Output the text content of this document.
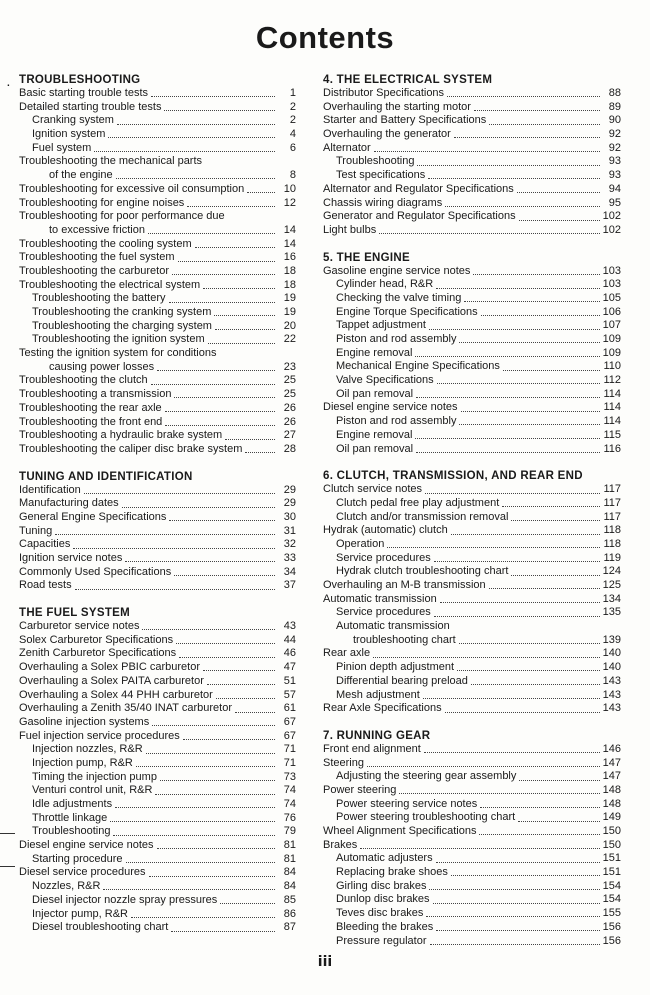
Contents
. TROUBLESHOOTING
Basic starting trouble tests	1
Detailed starting trouble tests	2
Cranking system	2
Ignition system	4
Fuel system	6
Troubleshooting the mechanical parts
of the engine	8
Troubleshooting for excessive oil consumption	10
Troubleshooting for engine noises	12
Troubleshooting for poor performance due
to excessive friction	14
Troubleshooting the cooling system	14
Troubleshooting the fuel system	16
Troubleshooting the carburetor	18
Troubleshooting the electrical system	18
Troubleshooting the battery	19
Troubleshooting the cranking system	19
Troubleshooting the charging system	20
Troubleshooting the ignition system	22
Testing the ignition system for conditions
causing power losses	23
Troubleshooting the clutch	25
Troubleshooting a transmission	25
Troubleshooting the rear axle	26
Troubleshooting the front end	26
Troubleshooting a hydraulic brake system	27
Troubleshooting the caliper disc brake system	28
TUNING AND IDENTIFICATION
Identification	29
Manufacturing dates	29
General Engine Specifications	30
Tuning	31
Capacities	32
Ignition service notes	33
Commonly Used Specifications	34
Road tests	37
THE FUEL SYSTEM
Carburetor service notes	43
Solex Carburetor Specifications	44
Zenith Carburetor Specifications	46
Overhauling a Solex PBIC carburetor	47
Overhauling a Solex PAITA carburetor	51
Overhauling a Solex 44 PHH carburetor	57
Overhauling a Zenith 35/40 INAT carburetor	61
Gasoline injection systems	67
Fuel injection service procedures	67
Injection nozzles, R&R	71
Injection pump, R&R	71
Timing the injection pump	73
Venturi control unit, R&R	74
Idle adjustments	74
Throttle linkage	76
Troubleshooting	79
Diesel engine service notes	81
Starting procedure	81
Diesel service procedures	84
Nozzles, R&R	84
Diesel injector nozzle spray pressures	85
Injector pump, R&R	86
Diesel troubleshooting chart	87
4. THE ELECTRICAL SYSTEM
Distributor Specifications	88
Overhauling the starting motor	89
Starter and Battery Specifications	90
Overhauling the generator	92
Alternator	92
Troubleshooting	93
Test specifications	93
Alternator and Regulator Specifications	94
Chassis wiring diagrams	95
Generator and Regulator Specifications	102
Light bulbs	102
5. THE ENGINE
Gasoline engine service notes	103
Cylinder head, R&R	103
Checking the valve timing	105
Engine Torque Specifications	106
Tappet adjustment	107
Piston and rod assembly	109
Engine removal	109
Mechanical Engine Specifications	110
Valve Specifications	112
Oil pan removal	114
Diesel engine service notes	114
Piston and rod assembly	114
Engine removal	115
Oil pan removal	116
6. CLUTCH, TRANSMISSION, AND REAR END
Clutch service notes	117
Clutch pedal free play adjustment	117
Clutch and/or transmission removal	117
Hydrak (automatic) clutch	118
Operation	118
Service procedures	119
Hydrak clutch troubleshooting chart	124
Overhauling an M-B transmission	125
Automatic transmission	134
Service procedures	135
Automatic transmission
troubleshooting chart	139
Rear axle	140
Pinion depth adjustment	140
Differential bearing preload	143
Mesh adjustment	143
Rear Axle Specifications	143
7. RUNNING GEAR
Front end alignment	146
Steering	147
Adjusting the steering gear assembly	147
Power steering	148
Power steering service notes	148
Power steering troubleshooting chart	149
Wheel Alignment Specifications	150
Brakes	150
Automatic adjusters	151
Replacing brake shoes	151
Girling disc brakes	154
Dunlop disc brakes	154
Teves disc brakes	155
Bleeding the brakes	156
Pressure regulator	156
iii
